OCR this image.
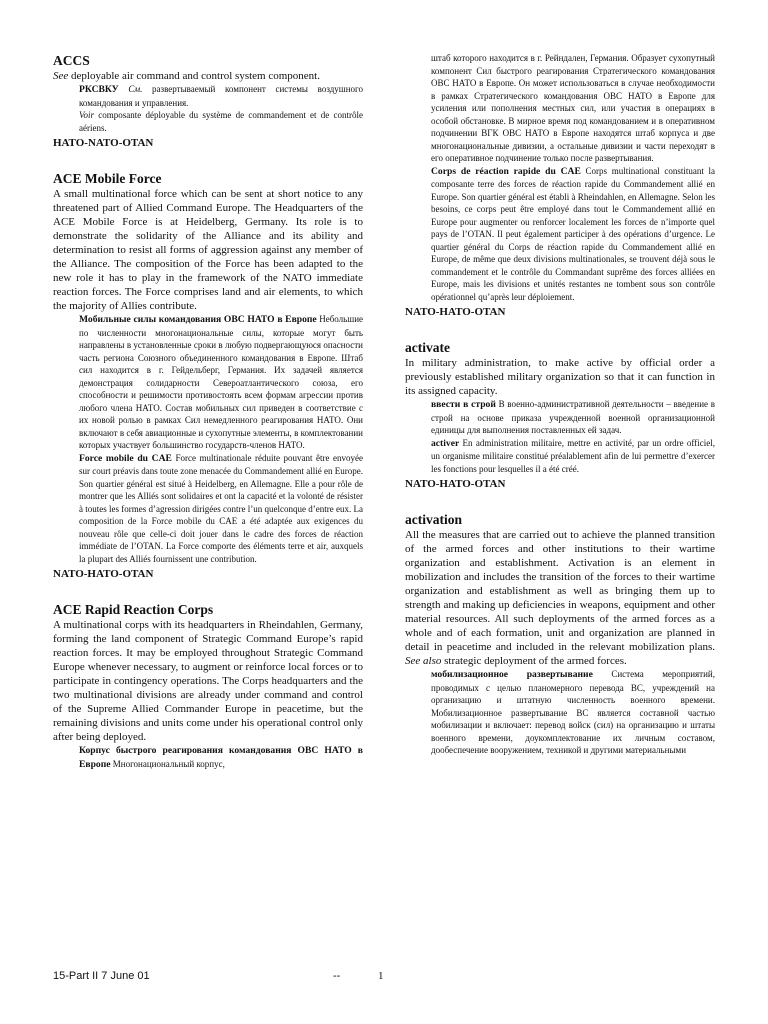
ACCS

See deployable air command and control system component.

РКСВКУ См. развертываемый компонент системы воздушного командования и управления.

Voir composante déployable du système de commandement et de contrôle aériens.

НАТО-NATO-OTAN

ACE Mobile Force

A small multinational force which can be sent at short notice to any threatened part of Allied Command Europe. The Headquarters of the ACE Mobile Force is at Heidelberg, Germany. Its role is to demonstrate the solidarity of the Alliance and its ability and determination to resist all forms of aggression against any member of the Alliance. The composition of the Force has been adapted to the new role it has to play in the framework of the NATO immediate reaction forces. The Force comprises land and air elements, to which the majority of Allies contribute.

Мобильные силы командования ОВС НАТО в Европе Небольшие по численности многонациональные силы, которые могут быть направлены в установленные сроки в любую подвергающуюся опасности часть региона Союзного объединенного командования в Европе. Штаб сил находится в г. Гейдельберг, Германия. Их задачей является демонстрация солидарности Североатлантического союза, его способности и решимости противостоять всем формам агрессии против любого члена НАТО. Состав мобильных сил приведен в соответствие с их новой ролью в рамках Сил немедленного реагирования НАТО. Они включают в себя авиационные и сухопутные элементы, в комплектовании которых участвует большинство государств-членов НАТО.

Force mobile du CAE Force multinationale réduite pouvant être envoyée sur court préavis dans toute zone menacée du Commandement allié en Europe. Son quartier général est situé à Heidelberg, en Allemagne. Elle a pour rôle de montrer que les Alliés sont solidaires et ont la capacité et la volonté de résister à toutes les formes d’agression dirigées contre l’un quelconque d’entre eux. La composition de la Force mobile du CAE a été adaptée aux exigences du nouveau rôle que celle-ci doit jouer dans le cadre des forces de réaction immédiate de l’OTAN. La Force comporte des éléments terre et air, auxquels la plupart des Alliés fournissent une contribution.

NATO-HATO-OTAN

ACE Rapid Reaction Corps

A multinational corps with its headquarters in Rheindahlen, Germany, forming the land component of Strategic Command Europe’s rapid reaction forces. It may be employed throughout Strategic Command Europe whenever necessary, to augment or reinforce local forces or to participate in contingency operations. The Corps headquarters and the two multinational divisions are already under command and control of the Supreme Allied Commander Europe in peacetime, but the remaining divisions and units come under his operational control only after being deployed.

Корпус быстрого реагирования командования ОВС НАТО в Европе Многонациональный корпус,

штаб которого находится в г. Рейндален, Германия. Образует сухопутный компонент Сил быстрого реагирования Стратегического командования ОВС НАТО в Европе. Он может использоваться в случае необходимости в рамках Стратегического командования ОВС НАТО в Европе для усиления или пополнения местных сил, или участия в операциях в особой обстановке. В мирное время под командованием и в оперативном подчинении ВГК ОВС НАТО в Европе находятся штаб корпуса и две многонациональные дивизии, а остальные дивизии и части переходят в его оперативное подчинение только после развертывания.

Corps de réaction rapide du CAE Corps multinational constituant la composante terre des forces de réaction rapide du Commandement allié en Europe. Son quartier général est établi à Rheindahlen, en Allemagne. Selon les besoins, ce corps peut être employé dans tout le Commandement allié en Europe pour augmenter ou renforcer localement les forces de n’importe quel pays de l’OTAN. Il peut également participer à des opérations d’urgence. Le quartier général du Corps de réaction rapide du Commandement allié en Europe, de même que deux divisions multinationales, se trouvent déjà sous le commandement et le contrôle du Commandant suprême des forces alliées en Europe, mais les divisions et unités restantes ne tombent sous son contrôle opérationnel qu’après leur déploiement.

NATO-HATO-OTAN

activate

In military administration, to make active by official order a previously established military organization so that it can function in its assigned capacity.

ввести в строй В военно-административной деятельности – введение в строй на основе приказа учрежденной военной организационной единицы для выполнения поставленных ей задач.

activer En administration militaire, mettre en activité, par un ordre officiel, un organisme militaire constitué préalablement afin de lui permettre d’exercer les fonctions pour lesquelles il a été créé.

NATO-HATO-OTAN

activation

All the measures that are carried out to achieve the planned transition of the armed forces and other institutions to their wartime organization and establishment. Activation is an element in mobilization and includes the transition of the forces to their wartime organization and establishment as well as bringing them up to strength and making up deficiencies in weapons, equipment and other material resources. All such deployments of the armed forces as a whole and of each formation, unit and organization are planned in detail in peacetime and included in the relevant mobilization plans. See also strategic deployment of the armed forces.

мобилизационное развертывание Система мероприятий, проводимых с целью планомерного перевода ВС, учреждений на организацию и штатную численность военного времени. Мобилизационное развертывание ВС является составной частью мобилизации и включает: перевод войск (сил) на организацию и штаты военного времени, доукомплектование их личным составом, дообеспечение вооружением, техникой и другими материальными

15-Part II 7 June 01	--	1
